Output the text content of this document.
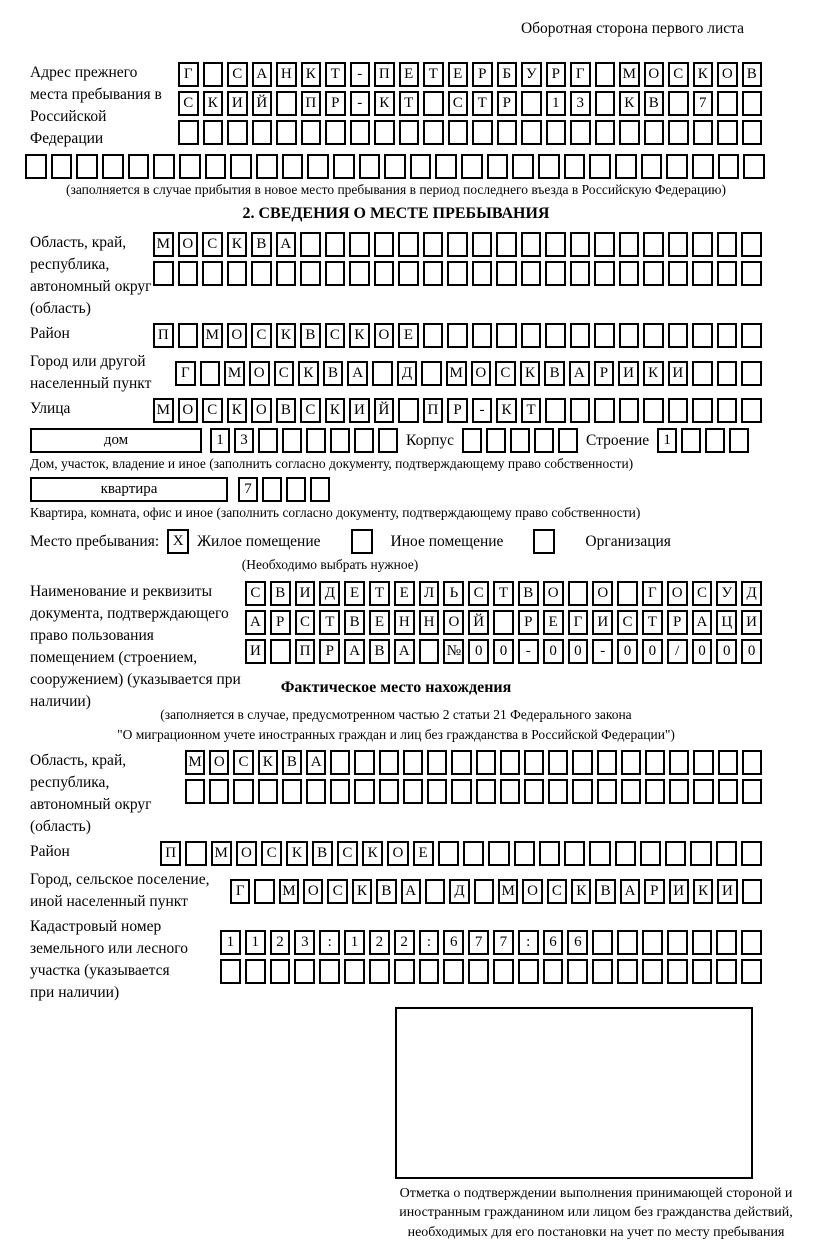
Оборотная сторона первого листа
Адрес прежнего места пребывания в Российской Федерации
Г	С А Н К Т	-	П Е	Т	Е	Р	Б У	Р	Г	М О С К О В
С К И Й	П Р	-	К Т	С Т	Р	1	3	К В	7
(заполняется в случае прибытия в новое место пребывания в период последнего въезда в Российскую Федерацию)
2. СВЕДЕНИЯ О МЕСТЕ ПРЕБЫВАНИЯ
Область, край, республика, автономный округ (область)
М О С К В А
Район	П	М О С К В С К О Е
Город или другой населенный пункт
Г	М О С К В А	Д	М О С К В А	Р	И К И
Улица	М О С К О В С К И Й	П Р	-	К Т
дом	1	3	Корпус	Строение 1
Дом, участок, владение и иное (заполнить согласно документу, подтверждающему право собственности)
квартира	7
Квартира, комната, офис и иное (заполнить согласно документу, подтверждающему право собственности)
Место пребывания: X Жилое помещение	Иное помещение	Организация
(Необходимо выбрать нужное)
Наименование и реквизиты документа, подтверждающего право пользования помещением (строением, сооружением) (указывается при наличии)
С В И Д	Е	Т	Е	Л	Ь	С	Т	В О	О	Г	О С У Д
А	Р	С	Т	В	Е Н Н О Й	Р	Е	Г	И С	Т	Р	А Ц И
И	П	Р	А В А	№ 0	0	-	0	0	-	0	0	/	0	0	0
Фактическое место нахождения
(заполняется в случае, предусмотренном частью 2 статьи 21 Федерального закона
"О миграционном учете иностранных граждан и лиц без гражданства в Российской Федерации")
Область, край, республика, автономный округ (область)
М О С К В А
Район	П	М О С	К	В	С	К О	Е
Город, сельское поселение, иной населенный пункт
Г	М О С К В А	Д	М О С К В А Р И К И
Кадастровый номер земельного или лесного участка (указывается при наличии)
1	1	2	3	:	1	2	2	:	6	7	7	:	6	6
Отметка о подтверждении выполнения принимающей стороной и иностранным гражданином или лицом без гражданства действий, необходимых для его постановки на учет по месту пребывания
